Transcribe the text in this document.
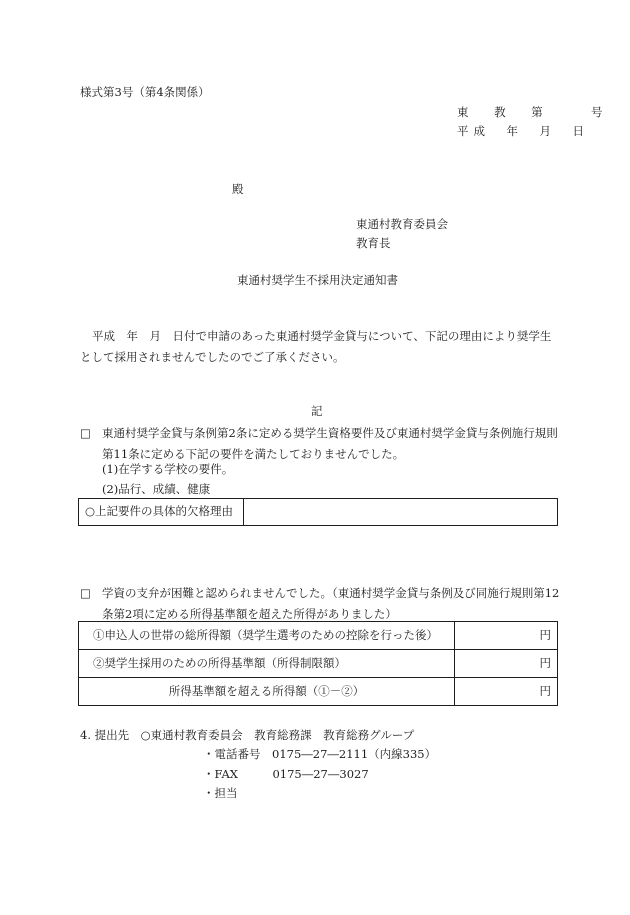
様式第3号（第4条関係）
東 教 第　 号
平成　年　月　日
殿
東通村教育委員会
教育長
東通村奨学生不採用決定通知書
平成　年　月　日付で申請のあった東通村奨学金貸与について、下記の理由により奨学生として採用されませんでしたのでご了承ください。
記
□ 東通村奨学金貸与条例第2条に定める奨学生資格要件及び東通村奨学金貸与条例施行規則第11条に定める下記の要件を満たしておりませんでした。
(1)在学する学校の要件。
(2)品行、成績、健康
○上記要件の具体的欠格理由	
□ 学資の支弁が困難と認められませんでした。（東通村奨学金貸与条例及び同施行規則第12条第2項に定める所得基準額を超えた所得がありました）
①申込人の世帯の総所得額（奨学生選考のための控除を行った後）	円
②奨学生採用のための所得基準額（所得制限額）	円
所得基準額を超える所得額（①－②）	円
4. 提出先　○東通村教育委員会　教育総務課　教育総務グループ
・電話番号　0175―27―2111（内線335）
・FAX　　　0175―27―3027
・担当
